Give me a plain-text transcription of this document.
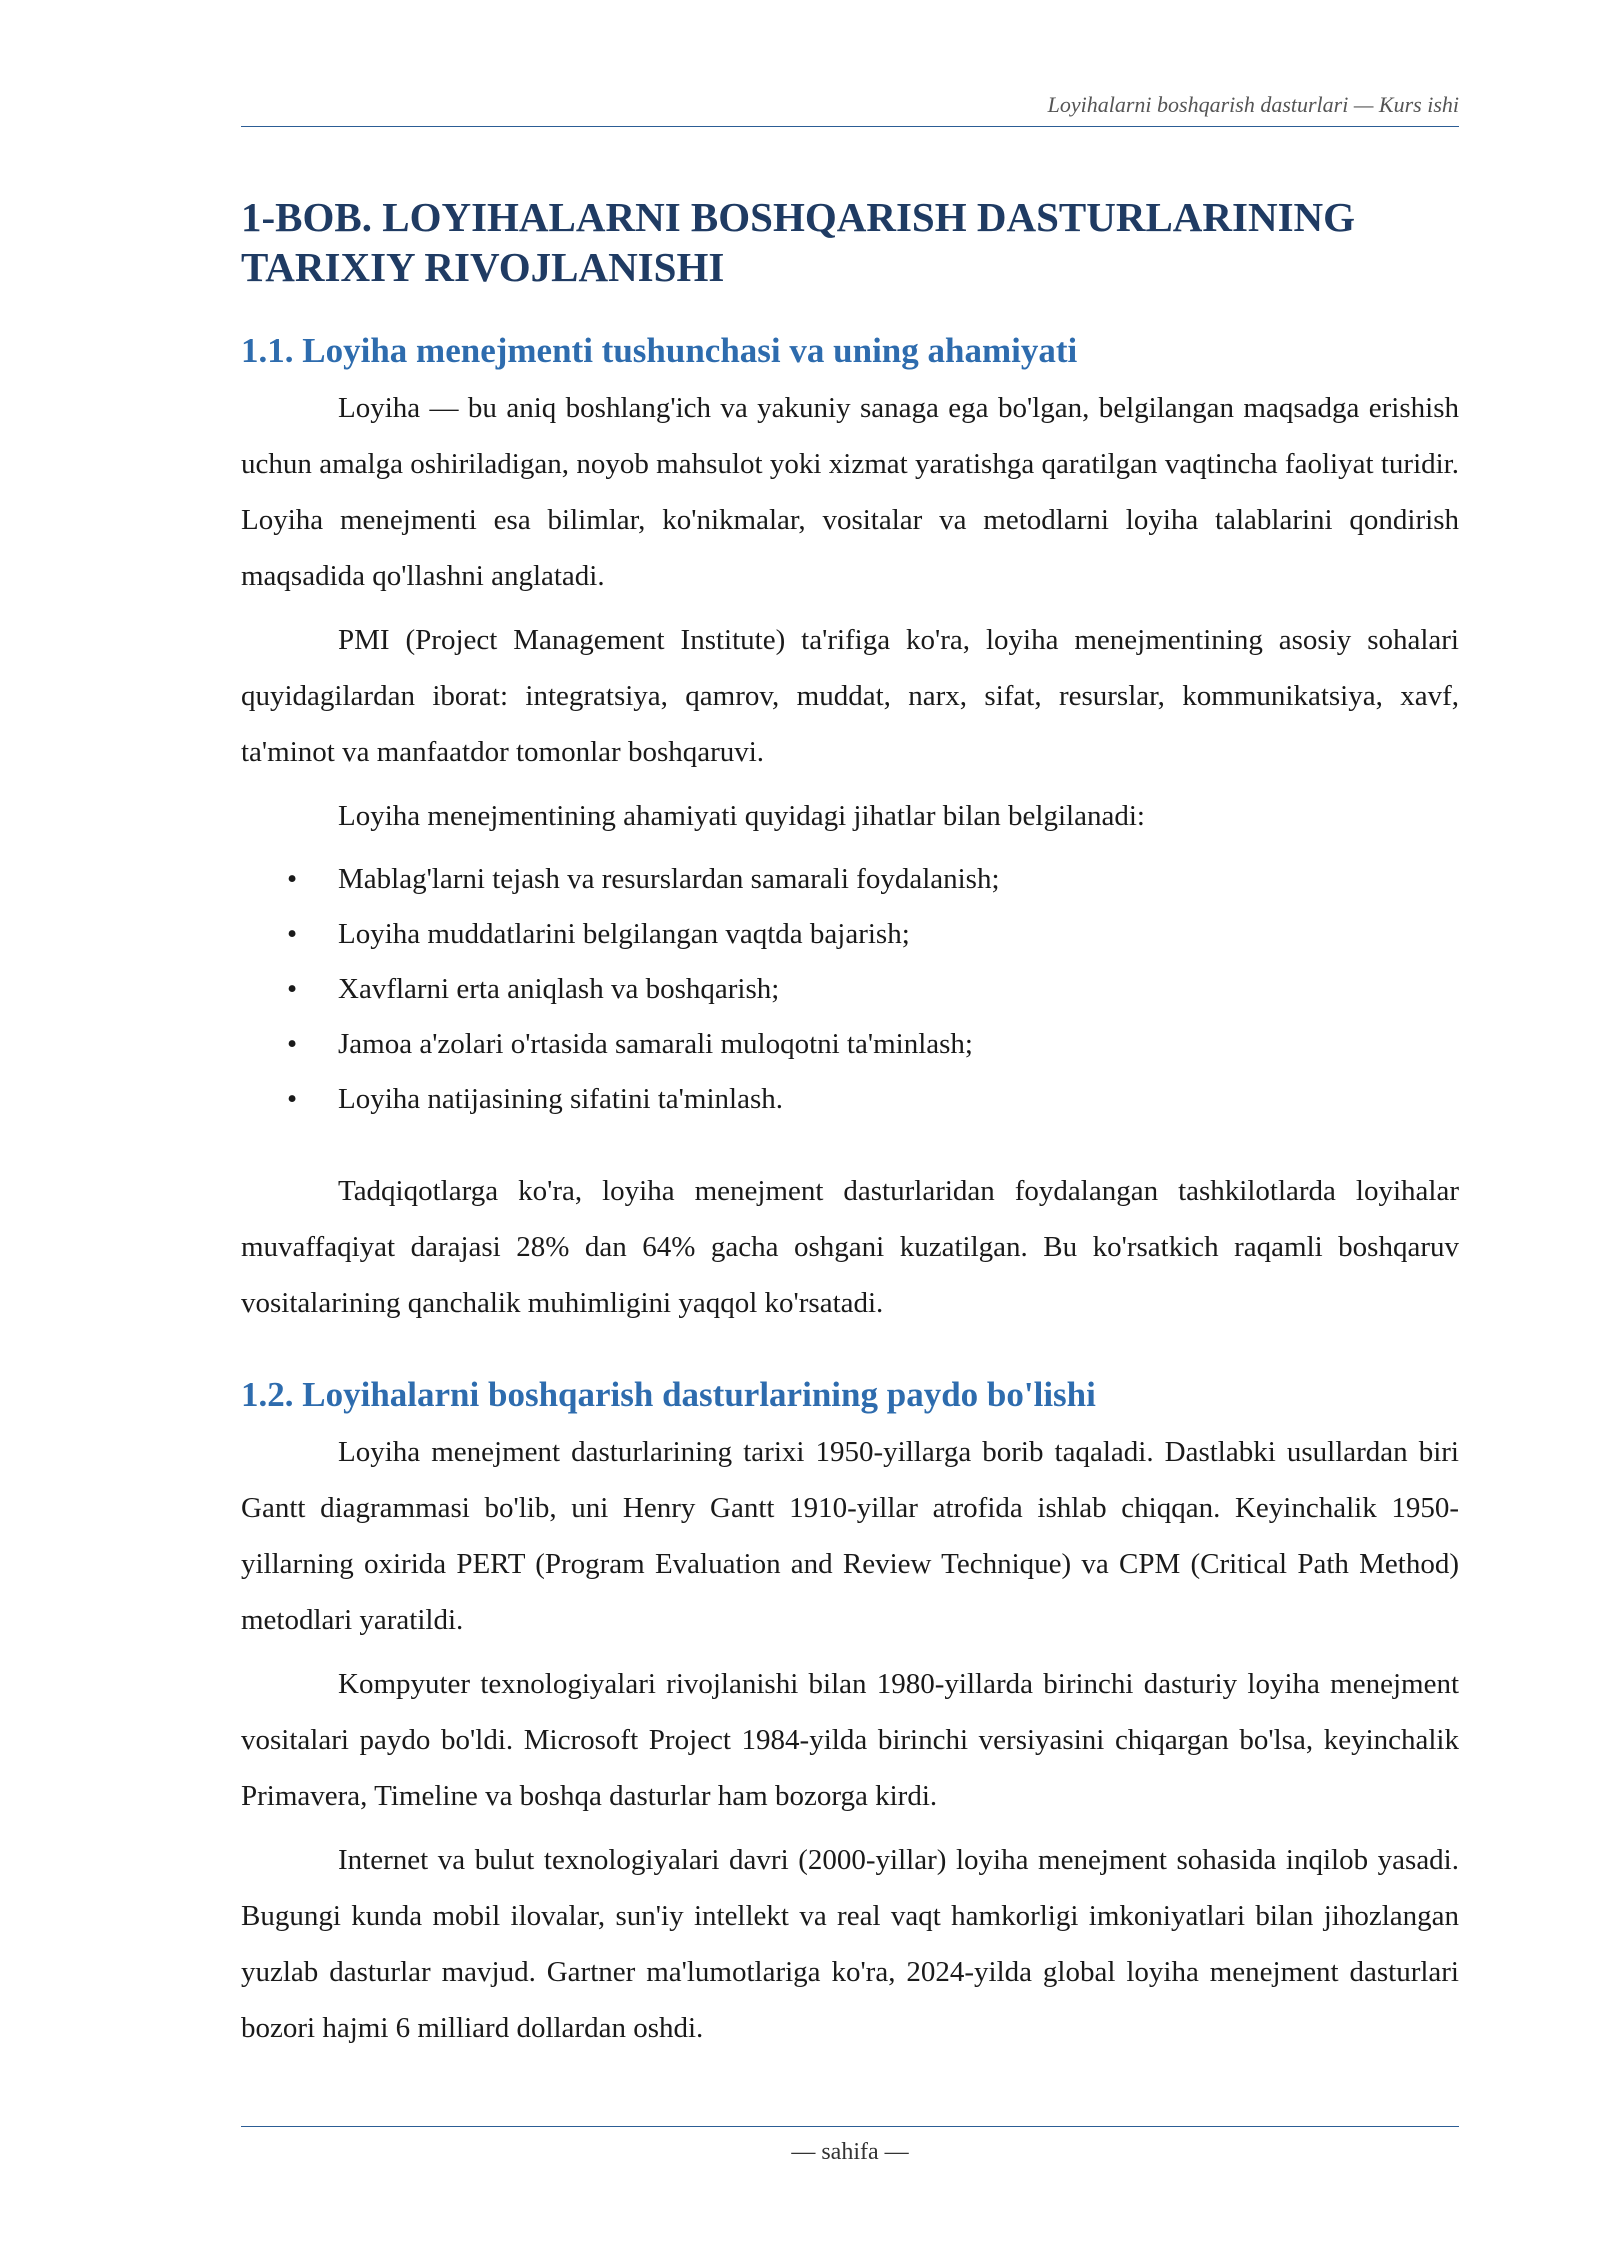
Loyihalarni boshqarish dasturlari — Kurs ishi
1-BOB. LOYIHALARNI BOSHQARISH DASTURLARINING TARIXIY RIVOJLANISHI
1.1. Loyiha menejmenti tushunchasi va uning ahamiyati

Loyiha — bu aniq boshlang'ich va yakuniy sanaga ega bo'lgan, belgilangan maqsadga erishish uchun amalga oshiriladigan, noyob mahsulot yoki xizmat yaratishga qaratilgan vaqtincha faoliyat turidir. Loyiha menejmenti esa bilimlar, ko'nikmalar, vositalar va metodlarni loyiha talablarini qondirish maqsadida qo'llashni anglatadi.

PMI (Project Management Institute) ta'rifiga ko'ra, loyiha menejmentining asosiy sohalari quyidagilardan iborat: integratsiya, qamrov, muddat, narx, sifat, resurslar, kommunikatsiya, xavf, ta'minot va manfaatdor tomonlar boshqaruvi.

Loyiha menejmentining ahamiyati quyidagi jihatlar bilan belgilanadi:

• Mablag'larni tejash va resurslardan samarali foydalanish;
• Loyiha muddatlarini belgilangan vaqtda bajarish;
• Xavflarni erta aniqlash va boshqarish;
• Jamoa a'zolari o'rtasida samarali muloqotni ta'minlash;
• Loyiha natijasining sifatini ta'minlash.

Tadqiqotlarga ko'ra, loyiha menejment dasturlaridan foydalangan tashkilotlarda loyihalar muvaffaqiyat darajasi 28% dan 64% gacha oshgani kuzatilgan. Bu ko'rsatkich raqamli boshqaruv vositalarining qanchalik muhimligini yaqqol ko'rsatadi.

1.2. Loyihalarni boshqarish dasturlarining paydo bo'lishi

Loyiha menejment dasturlarining tarixi 1950-yillarga borib taqaladi. Dastlabki usullardan biri Gantt diagrammasi bo'lib, uni Henry Gantt 1910-yillar atrofida ishlab chiqqan. Keyinchalik 1950-yillarning oxirida PERT (Program Evaluation and Review Technique) va CPM (Critical Path Method) metodlari yaratildi.

Kompyuter texnologiyalari rivojlanishi bilan 1980-yillarda birinchi dasturiy loyiha menejment vositalari paydo bo'ldi. Microsoft Project 1984-yilda birinchi versiyasini chiqargan bo'lsa, keyinchalik Primavera, Timeline va boshqa dasturlar ham bozorga kirdi.

Internet va bulut texnologiyalari davri (2000-yillar) loyiha menejment sohasida inqilob yasadi. Bugungi kunda mobil ilovalar, sun'iy intellekt va real vaqt hamkorligi imkoniyatlari bilan jihozlangan yuzlab dasturlar mavjud. Gartner ma'lumotlariga ko'ra, 2024-yilda global loyiha menejment dasturlari bozori hajmi 6 milliard dollardan oshdi.

— sahifa —
